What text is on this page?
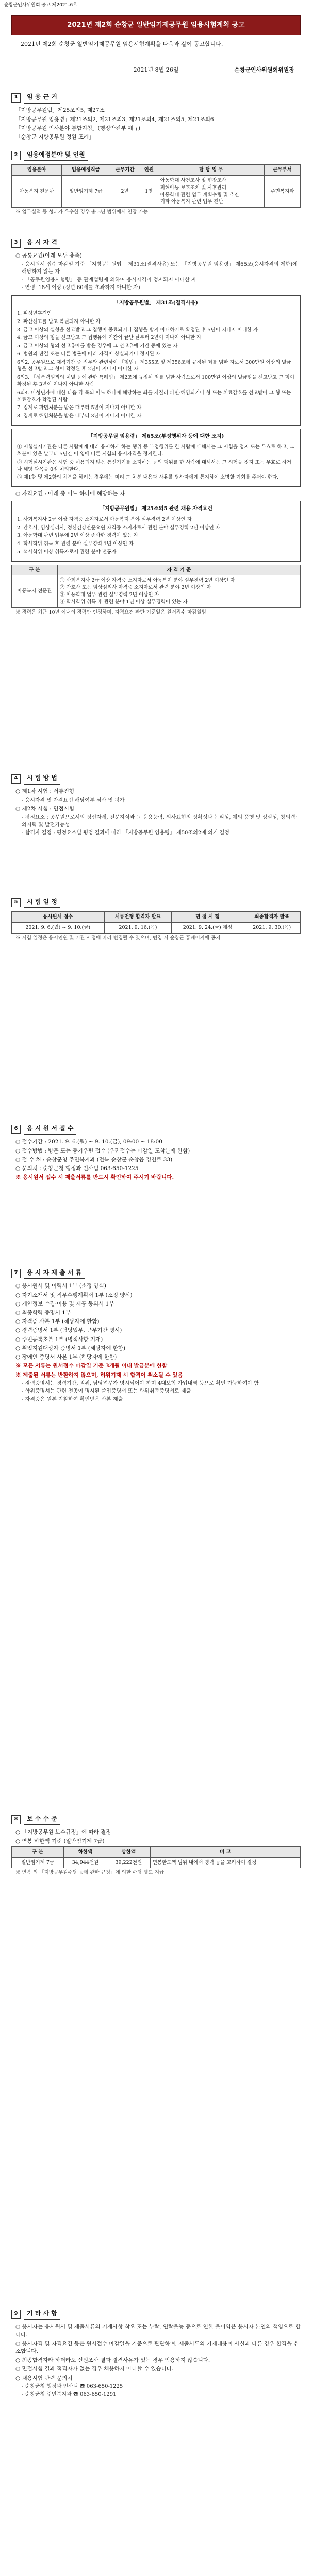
순창군인사위원회 공고 제2021-6호
2021년 제2회 순창군 일반임기제공무원 임용시험계획 공고

2021년 제2회 순창군 일반임기제공무원 임용시험계획을 다음과 같이 공고합니다.

2021년 8월 26일	순창군인사위원회위원장
1	임 용 근 거
「지방공무원법」제25조의5, 제27조
「지방공무원 임용령」제21조의2, 제21조의3, 제21조의4, 제21조의5, 제21조의6
「지방공무원 인사분야 통합지침」(행정안전부 예규)
「순창군 지방공무원 정원 조례」
2	임용예정분야 및 인원
임용분야	임용예정직급	근무기간	인원	담 당 업 무	근무부서
아동복지 전문관	일반임기제 7급	2년	1명	아동학대 사건조사 및 현장조사
피해아동 보호조치 및 사후관리
아동학대 관련 업무 계획수립 및 추진
기타 아동복지 관련 업무 전반	주민복지과
※ 업무실적 등 성과가 우수한 경우 총 5년 범위에서 연장 가능
3	응 시 자 격
○ 공통요건(아래 모두 충족)
- 응시원서 접수 마감일 기준 「지방공무원법」 제31조(결격사유) 또는 「지방공무원 임용령」 제65조(응시자격의 제한)에 해당하지 않는 자
- 「공무원임용시험령」 등 관계법령에 의하여 응시자격이 정지되지 아니한 자
- 연령: 18세 이상 (정년 60세를 초과하지 아니한 자)
「지방공무원법」 제31조(결격사유)
1. 피성년후견인
2. 파산선고를 받고 복권되지 아니한 자
3. 금고 이상의 실형을 선고받고 그 집행이 종료되거나 집행을 받지 아니하기로 확정된 후 5년이 지나지 아니한 자
4. 금고 이상의 형을 선고받고 그 집행유예 기간이 끝난 날부터 2년이 지나지 아니한 자
5. 금고 이상의 형의 선고유예를 받은 경우에 그 선고유예 기간 중에 있는 자
6. 법원의 판결 또는 다른 법률에 따라 자격이 상실되거나 정지된 자
6의2. 공무원으로 재직기간 중 직무와 관련하여 「형법」 제355조 및 제356조에 규정된 죄를 범한 자로서 300만원 이상의 벌금형을 선고받고 그 형이 확정된 후 2년이 지나지 아니한 자
6의3. 「성폭력범죄의 처벌 등에 관한 특례법」 제2조에 규정된 죄를 범한 사람으로서 100만원 이상의 벌금형을 선고받고 그 형이 확정된 후 3년이 지나지 아니한 사람
6의4. 미성년자에 대한 다음 각 목의 어느 하나에 해당하는 죄를 저질러 파면·해임되거나 형 또는 치료감호를 선고받아 그 형 또는 치료감호가 확정된 사람
7. 징계로 파면처분을 받은 때부터 5년이 지나지 아니한 자
8. 징계로 해임처분을 받은 때부터 3년이 지나지 아니한 자
「지방공무원 임용령」 제65조(부정행위자 등에 대한 조치)
① 시험실시기관은 다른 사람에게 대리 응시하게 하는 행위 등 부정행위를 한 사람에 대해서는 그 시험을 정지 또는 무효로 하고, 그 처분이 있은 날부터 5년간 이 영에 따른 시험의 응시자격을 정지한다.
② 시험실시기관은 시험 중 허용되지 않은 통신기기를 소지하는 등의 행위를 한 사람에 대해서는 그 시험을 정지 또는 무효로 하거나 해당 과목을 0점 처리한다.
③ 제1항 및 제2항의 처분을 하려는 경우에는 미리 그 처분 내용과 사유를 당사자에게 통지하여 소명할 기회를 주어야 한다.
○ 자격요건 : 아래 중 어느 하나에 해당하는 자
「지방공무원법」 제25조의5 관련 채용 자격요건
1. 사회복지사 2급 이상 자격증 소지자로서 아동복지 분야 실무경력 2년 이상인 자
2. 간호사, 임상심리사, 정신건강전문요원 자격증 소지자로서 관련 분야 실무경력 2년 이상인 자
3. 아동학대 관련 업무에 2년 이상 종사한 경력이 있는 자
4. 학사학위 취득 후 관련 분야 실무경력 1년 이상인 자
5. 석사학위 이상 취득자로서 관련 분야 전공자
구 분	자 격 기 준
아동복지 전문관	① 사회복지사 2급 이상 자격증 소지자로서 아동복지 분야 실무경력 2년 이상인 자
② 간호사 또는 임상심리사 자격증 소지자로서 관련 분야 2년 이상인 자
③ 아동학대 업무 관련 실무경력 2년 이상인 자
④ 학사학위 취득 후 관련 분야 1년 이상 실무경력이 있는 자
※ 경력은 최근 10년 이내의 경력만 인정하며, 자격요건 판단 기준일은 원서접수 마감일임
4	시 험 방 법
○ 제1차 시험 : 서류전형
- 응시자격 및 자격요건 해당여부 심사 및 평가
○ 제2차 시험 : 면접시험
- 평정요소 : 공무원으로서의 정신자세, 전문지식과 그 응용능력, 의사표현의 정확성과 논리성, 예의·품행 및 성실성, 창의력·의지력 및 발전가능성
- 합격자 결정 : 평정요소별 평정 결과에 따라 「지방공무원 임용령」 제50조의2에 의거 결정
5	시 험 일 정
응시원서 접수	서류전형 합격자 발표	면 접 시 험	최종합격자 발표
2021. 9. 6.(월) ~ 9. 10.(금)	2021. 9. 16.(목)	2021. 9. 24.(금) 예정	2021. 9. 30.(목)
※ 시험 일정은 응시인원 및 기관 사정에 따라 변경될 수 있으며, 변경 시 순창군 홈페이지에 공지
6	응 시 원 서 접 수
○ 접수기간 : 2021. 9. 6.(월) ~ 9. 10.(금), 09:00 ~ 18:00
○ 접수방법 : 방문 또는 등기우편 접수 (우편접수는 마감일 도착분에 한함)
○ 접 수 처 : 순창군청 주민복지과 (전북 순창군 순창읍 경천로 33)
○ 문의처 : 순창군청 행정과 인사팀 063-650-1225
※ 응시원서 접수 시 제출서류를 반드시 확인하여 주시기 바랍니다.
7	응 시 자 제 출 서 류
○ 응시원서 및 이력서 1부 (소정 양식)
○ 자기소개서 및 직무수행계획서 1부 (소정 양식)
○ 개인정보 수집·이용 및 제공 동의서 1부
○ 최종학력 증명서 1부
○ 자격증 사본 1부 (해당자에 한함)
○ 경력증명서 1부 (담당업무, 근무기간 명시)
○ 주민등록초본 1부 (병적사항 기재)
○ 취업지원대상자 증명서 1부 (해당자에 한함)
○ 장애인 증명서 사본 1부 (해당자에 한함)
※ 모든 서류는 원서접수 마감일 기준 3개월 이내 발급분에 한함
※ 제출된 서류는 반환하지 않으며, 허위기재 시 합격이 취소될 수 있음
- 경력증명서는 경력기간, 직위, 담당업무가 명시되어야 하며 4대보험 가입내역 등으로 확인 가능하여야 함
- 학위증명서는 관련 전공이 명시된 졸업증명서 또는 학위취득증명서로 제출
- 자격증은 원본 지참하여 확인받은 사본 제출
8	보 수 수 준
○ 「지방공무원 보수규정」에 따라 결정
○ 연봉 하한액 기준 (일반임기제 7급)
구 분	하한액	상한액	비 고
일반임기제 7급	34,944천원	39,222천원	연봉한도액 범위 내에서 경력 등을 고려하여 결정
※ 연봉 외 「지방공무원수당 등에 관한 규정」에 의한 수당 별도 지급
9	기 타 사 항
○ 응시자는 응시원서 및 제출서류의 기재사항 착오 또는 누락, 연락불능 등으로 인한 불이익은 응시자 본인의 책임으로 합니다.
○ 응시자격 및 자격요건 등은 원서접수 마감일을 기준으로 판단하며, 제출서류의 기재내용이 사실과 다른 경우 합격을 취소합니다.
○ 최종합격자라 하더라도 신원조사 결과 결격사유가 있는 경우 임용하지 않습니다.
○ 면접시험 결과 적격자가 없는 경우 채용하지 아니할 수 있습니다.
○ 채용시험 관련 문의처
- 순창군청 행정과 인사팀 ☎ 063-650-1225
- 순창군청 주민복지과 ☎ 063-650-1291
